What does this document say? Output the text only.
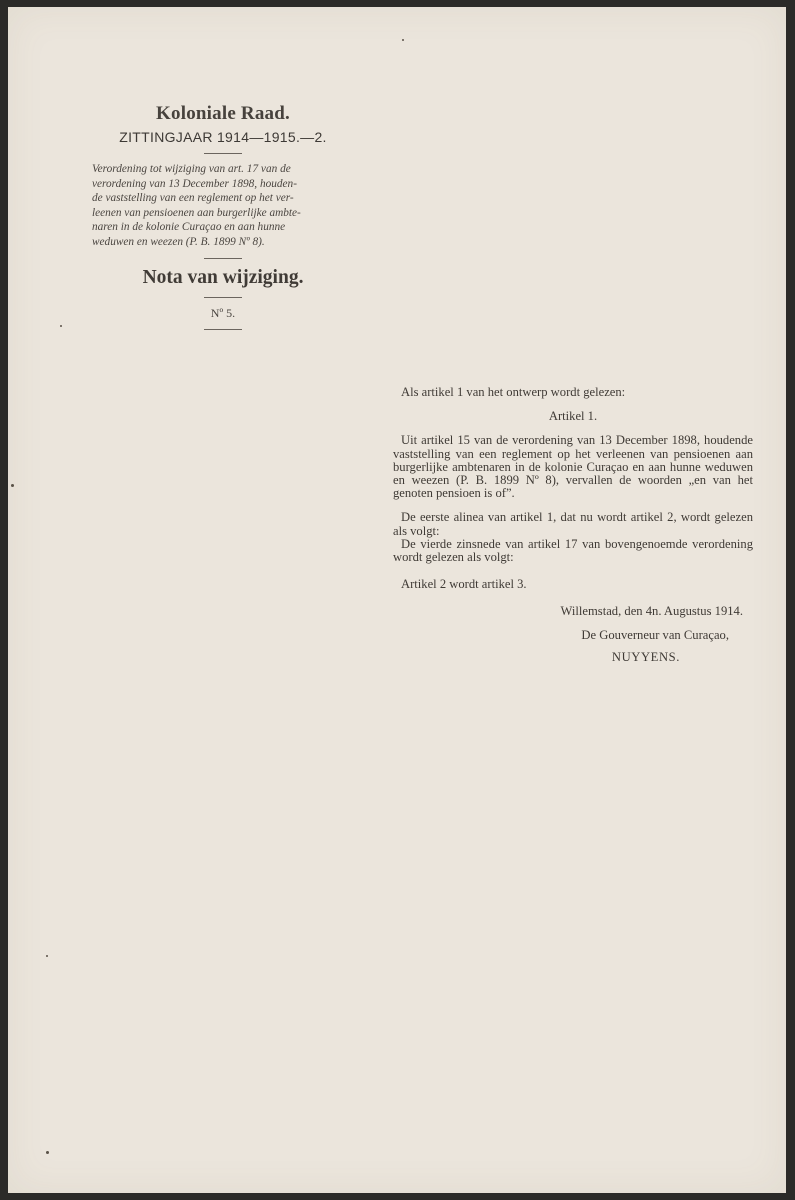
Koloniale Raad.

ZITTINGJAAR 1914—1915.—2.

Verordening tot wijziging van art. 17 van de
verordening van 13 December 1898, houden-
de vaststelling van een reglement op het ver-
leenen van pensioenen aan burgerlijke ambte-
naren in de kolonie Curaçao en aan hunne
weduwen en weezen (P. B. 1899 Nº 8).

Nota van wijziging.

Nº 5.

Als artikel 1 van het ontwerp wordt gelezen:

Artikel 1.

Uit artikel 15 van de verordening van 13 December 1898, houdende vaststelling van een reglement op het verleenen van pensioenen aan burgerlijke ambtenaren in de kolonie Curaçao en aan hunne weduwen en weezen (P. B. 1899 Nº 8), vervallen de woorden „en van het genoten pensioen is of”.

De eerste alinea van artikel 1, dat nu wordt artikel 2, wordt gelezen als volgt:

De vierde zinsnede van artikel 17 van bovengenoemde verordening wordt gelezen als volgt:

Artikel 2 wordt artikel 3.

Willemstad, den 4n. Augustus 1914.

De Gouverneur van Curaçao,

NUYYENS.
